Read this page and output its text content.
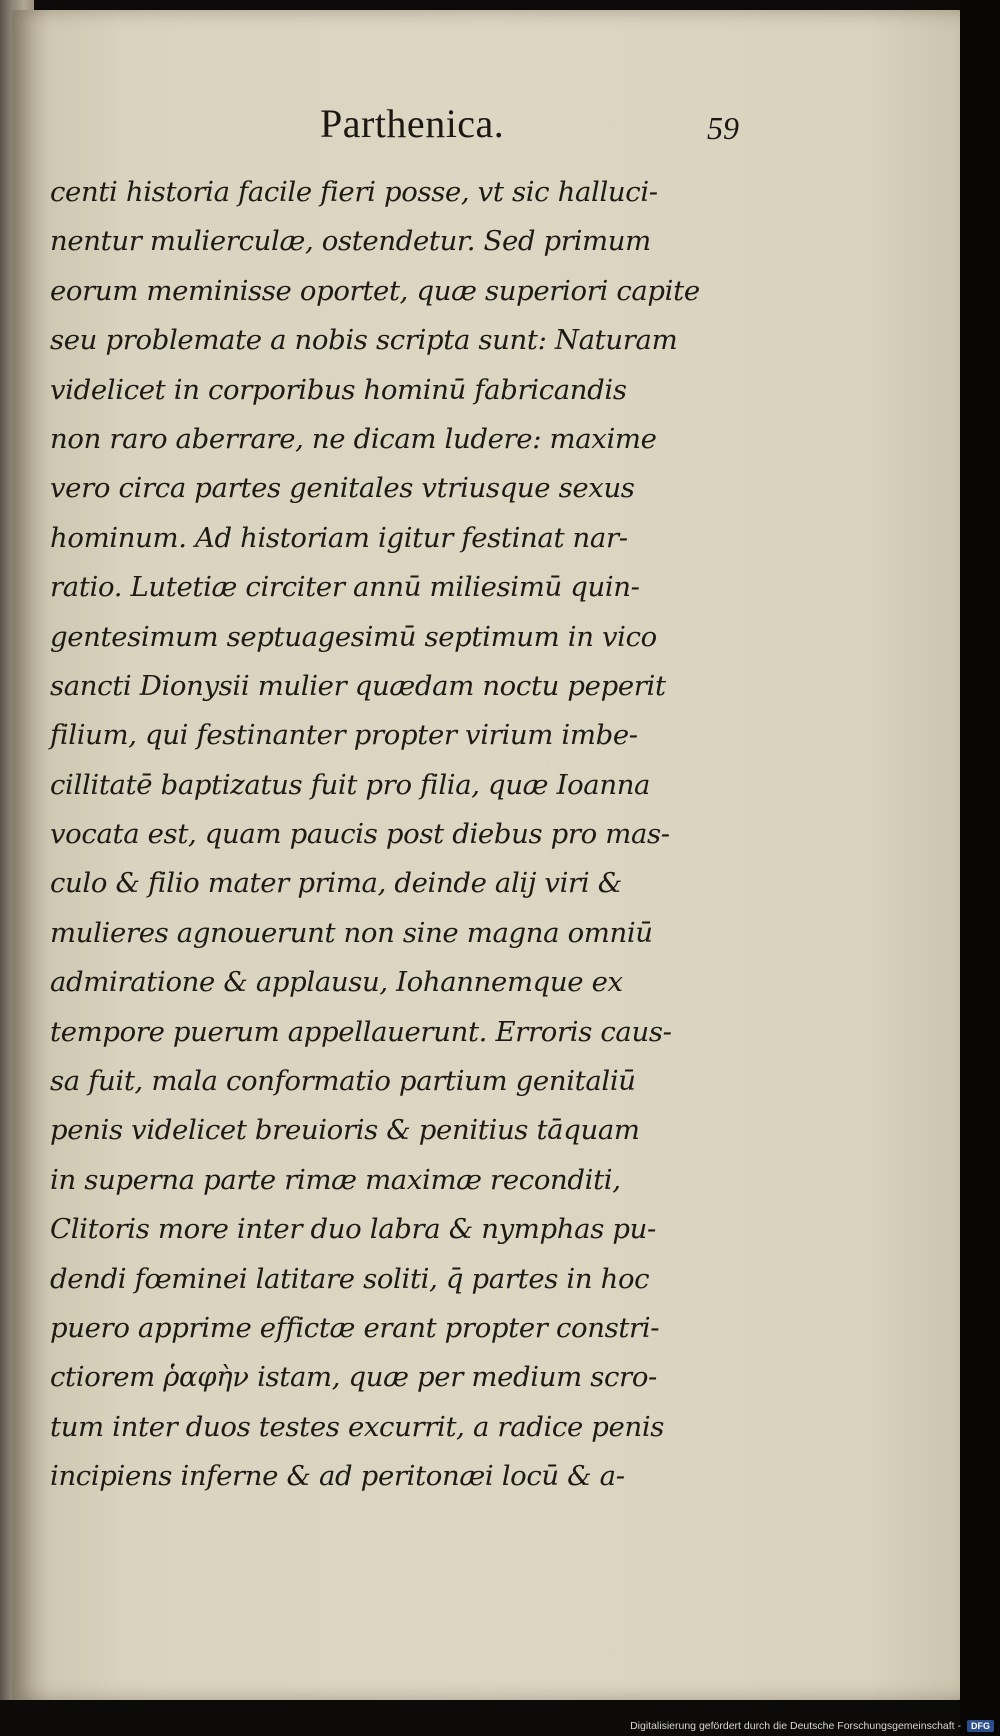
Parthenica.	59
centi historia facile fieri posse, vt sic halluci-
nentur mulierculæ, ostendetur. Sed primum
eorum meminisse oportet, quæ superiori capite
seu problemate a nobis scripta sunt: Naturam
videlicet in corporibus hominū fabricandis
non raro aberrare, ne dicam ludere: maxime
vero circa partes genitales vtriusque sexus
hominum. Ad historiam igitur festinat nar-
ratio. Lutetiæ circiter annū miliesimū quin-
gentesimum septuagesimū septimum in vico
sancti Dionysii mulier quædam noctu peperit
filium, qui festinanter propter virium imbe-
cillitatē baptizatus fuit pro filia, quæ Ioanna
vocata est, quam paucis post diebus pro mas-
culo & filio mater prima, deinde alij viri &
mulieres agnouerunt non sine magna omniū
admiratione & applausu, Iohannemque ex
tempore puerum appellauerunt. Erroris caus-
sa fuit, mala conformatio partium genitaliū
penis videlicet breuioris & penitius tāquam
in superna parte rimæ maximæ reconditi,
Clitoris more inter duo labra & nymphas pu-
dendi fœminei latitare soliti, q̄ partes in hoc
puero apprime effictæ erant propter constri-
ctiorem ῥαφὴν istam, quæ per medium scro-
tum inter duos testes excurrit, a radice penis
incipiens inferne & ad peritonæi locū & a-
Digitalisierung gefördert durch die Deutsche Forschungsgemeinschaft -	DFG
